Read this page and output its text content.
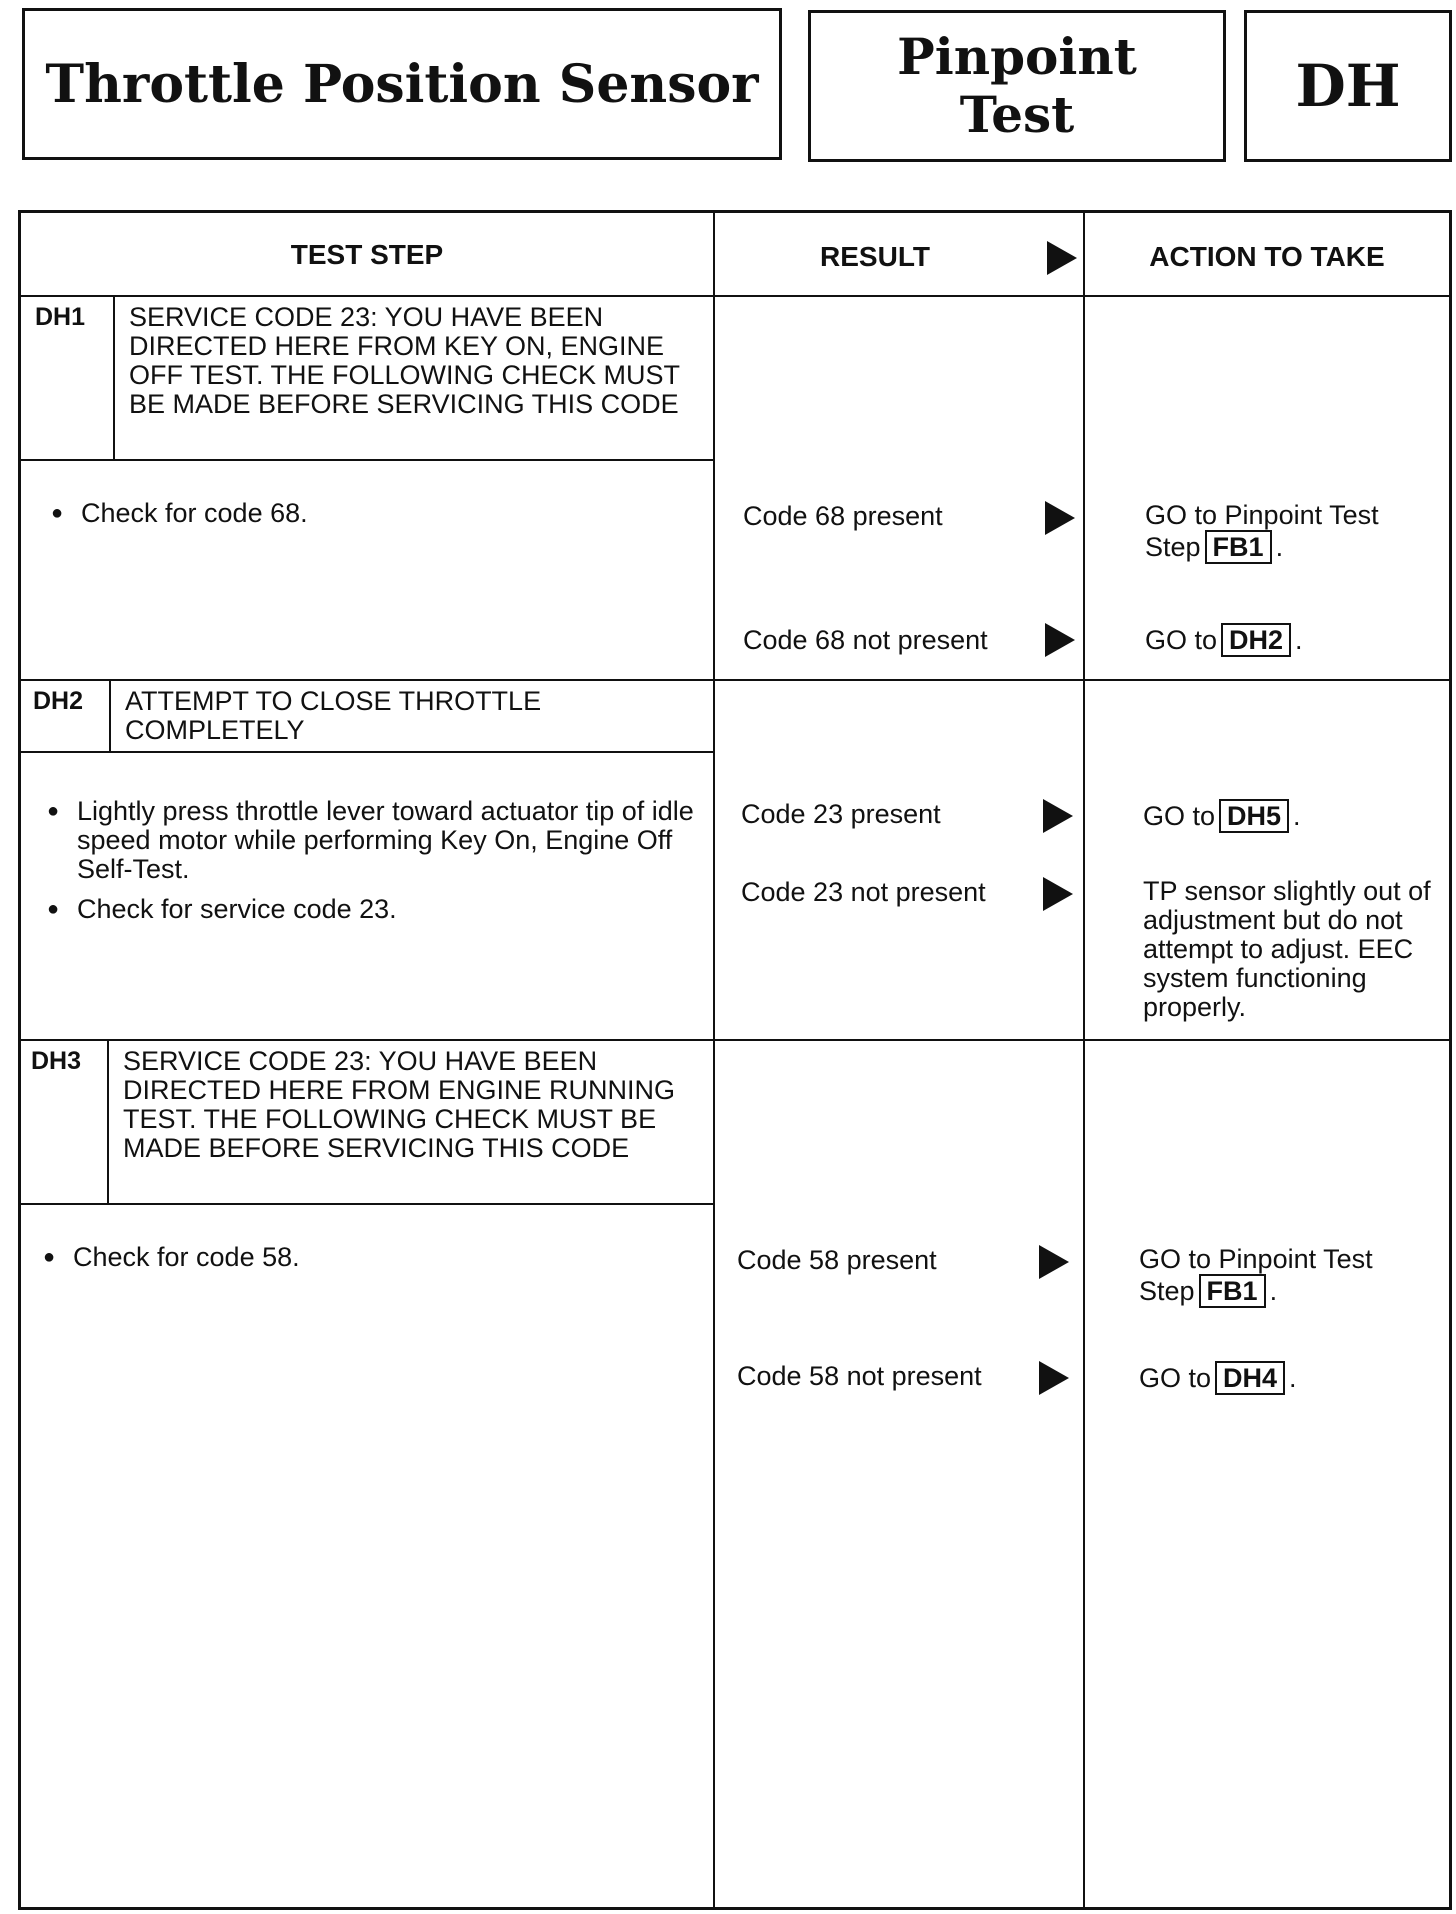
Throttle Position Sensor	Pinpoint
Test	DH
TEST STEP	RESULT	ACTION TO TAKE
DH1 SERVICE CODE 23: YOU HAVE BEEN DIRECTED HERE FROM KEY ON, ENGINE OFF TEST. THE FOLLOWING CHECK MUST BE MADE BEFORE SERVICING THIS CODE
● Check for code 68.	Code 68 present	GO to Pinpoint Test Step FB1 .
Code 68 not present	GO to DH2 .
DH2 ATTEMPT TO CLOSE THROTTLE COMPLETELY
● Lightly press throttle lever toward actuator tip of idle speed motor while performing Key On, Engine Off Self-Test.
● Check for service code 23.
Code 23 present	GO to DH5 .
Code 23 not present	TP sensor slightly out of adjustment but do not attempt to adjust. EEC system functioning properly.
DH3 SERVICE CODE 23: YOU HAVE BEEN DIRECTED HERE FROM ENGINE RUNNING TEST. THE FOLLOWING CHECK MUST BE MADE BEFORE SERVICING THIS CODE
● Check for code 58.	Code 58 present	GO to Pinpoint Test Step FB1 .
Code 58 not present	GO to DH4 .
